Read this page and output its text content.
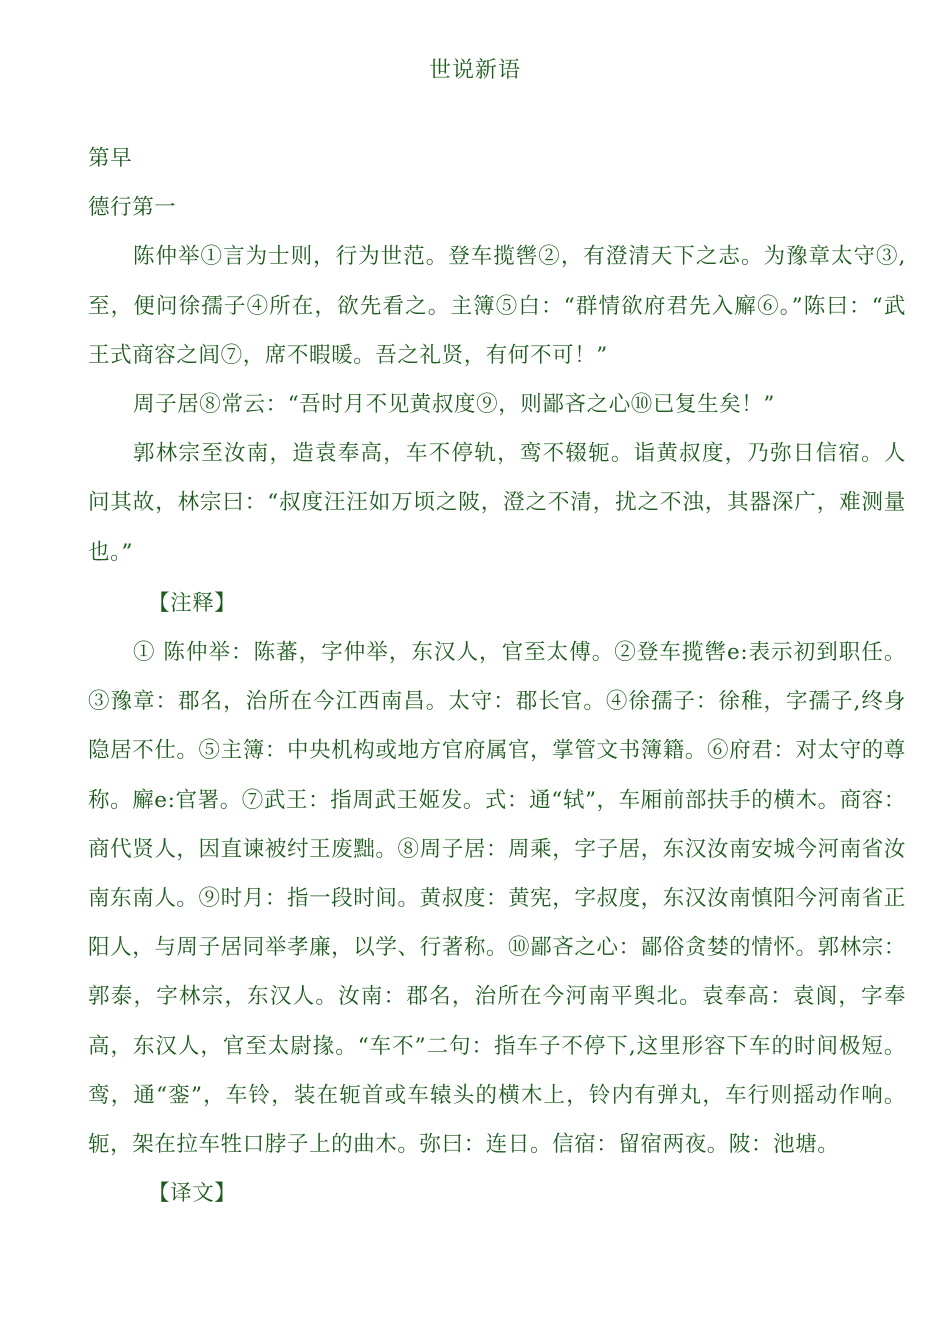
世说新语

第早

德行第一

陈仲举①言为士则，行为世范。登车揽辔②，有澄清天下之志。为豫章太守③,至，便问徐孺子④所在，欲先看之。主簿⑤白：“群情欲府君先入廨⑥。”陈曰：“武王式商容之闾⑦，席不暇暖。吾之礼贤，有何不可！”

周子居⑧常云：“吾时月不见黄叔度⑨，则鄙吝之心⑩已复生矣！”

郭林宗至汝南，造袁奉高，车不停轨，鸾不辍轭。诣黄叔度，乃弥日信宿。人问其故，林宗曰：“叔度汪汪如万顷之陂，澄之不清，扰之不浊，其器深广，难测量也。”

【注释】

① 陈仲举：陈蕃，字仲举，东汉人，官至太傅。②登车揽辔e:表示初到职任。③豫章：郡名，治所在今江西南昌。太守：郡长官。④徐孺子：徐稚，字孺子,终身隐居不仕。⑤主簿：中央机构或地方官府属官，掌管文书簿籍。⑥府君：对太守的尊称。廨e:官署。⑦武王：指周武王姬发。式：通“轼”，车厢前部扶手的横木。商容：商代贤人，因直谏被纣王废黜。⑧周子居：周乘，字子居，东汉汝南安城今河南省汝南东南人。⑨时月：指一段时间。黄叔度：黄宪，字叔度，东汉汝南慎阳今河南省正阳人，与周子居同举孝廉，以学、行著称。⑩鄙吝之心：鄙俗贪婪的情怀。郭林宗：郭泰，字林宗，东汉人。汝南：郡名，治所在今河南平舆北。袁奉高：袁阆，字奉高，东汉人，官至太尉掾。“车不”二句：指车子不停下,这里形容下车的时间极短。鸾，通“銮”，车铃，装在轭首或车辕头的横木上，铃内有弹丸，车行则摇动作响。轭，架在拉车牲口脖子上的曲木。弥曰：连日。信宿：留宿两夜。陂：池塘。

【译文】
